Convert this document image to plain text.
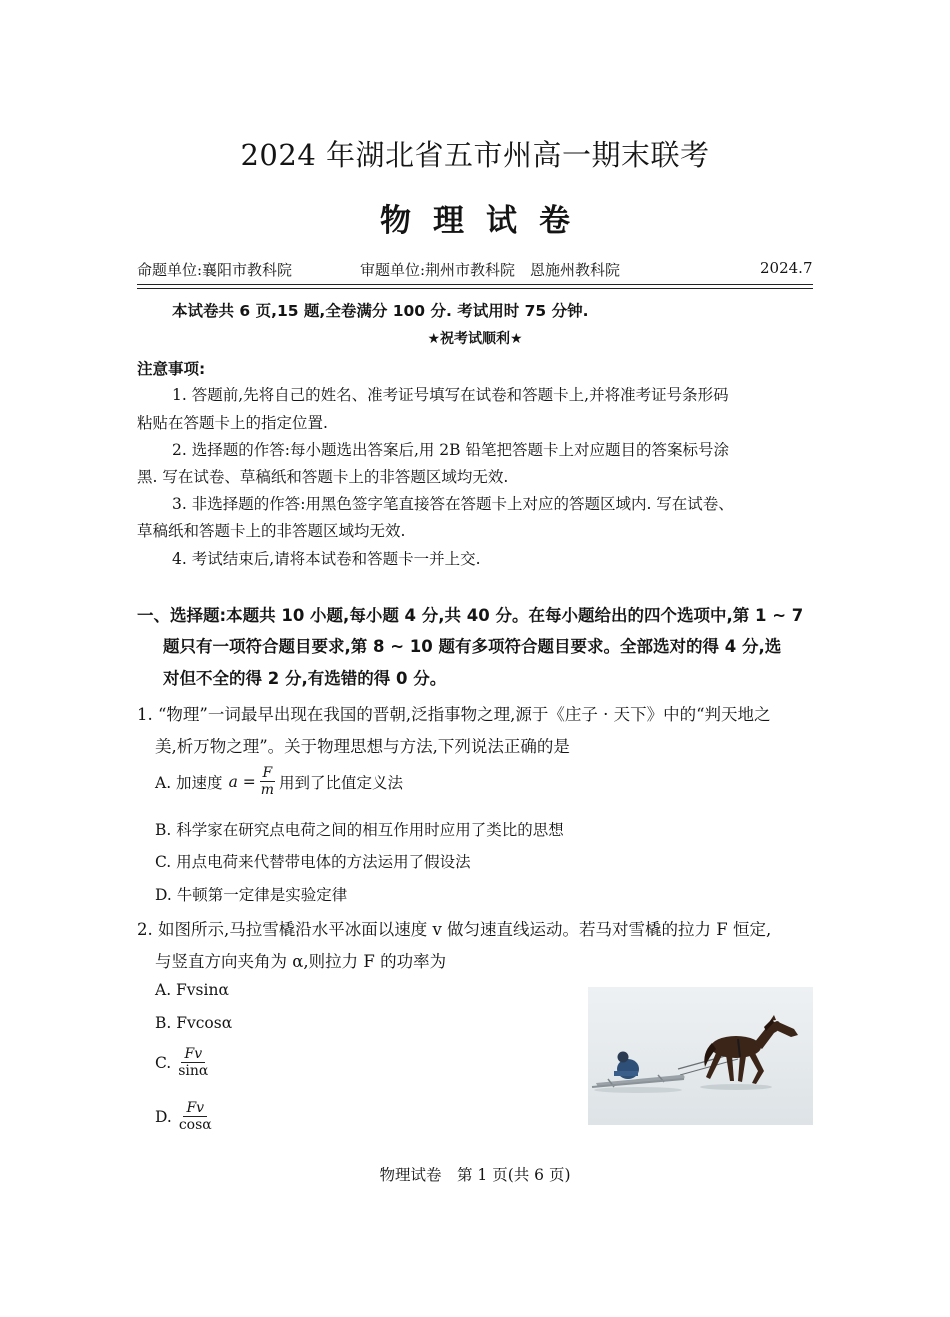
2024 年湖北省五市州高一期末联考
物理试卷
命题单位:襄阳市教科院	审题单位:荆州市教科院　恩施州教科院	2024.7
本试卷共 6 页,15 题,全卷满分 100 分. 考试用时 75 分钟.
★祝考试顺利★
注意事项:
1. 答题前,先将自己的姓名、准考证号填写在试卷和答题卡上,并将准考证号条形码
粘贴在答题卡上的指定位置.
2. 选择题的作答:每小题选出答案后,用 2B 铅笔把答题卡上对应题目的答案标号涂
黑. 写在试卷、草稿纸和答题卡上的非答题区域均无效.
3. 非选择题的作答:用黑色签字笔直接答在答题卡上对应的答题区域内. 写在试卷、
草稿纸和答题卡上的非答题区域均无效.
4. 考试结束后,请将本试卷和答题卡一并上交.
一、选择题:本题共 10 小题,每小题 4 分,共 40 分。在每小题给出的四个选项中,第 1 ~ 7
题只有一项符合题目要求,第 8 ~ 10 题有多项符合题目要求。全部选对的得 4 分,选
对但不全的得 2 分,有选错的得 0 分。
1. “物理”一词最早出现在我国的晋朝,泛指事物之理,源于《庄子 · 天下》中的“判天地之
美,析万物之理”。关于物理思想与方法,下列说法正确的是
A. 加速度 $a = \frac{F}{m}$ 用到了比值定义法
B. 科学家在研究点电荷之间的相互作用时应用了类比的思想
C. 用点电荷来代替带电体的方法运用了假设法
D. 牛顿第一定律是实验定律
2. 如图所示,马拉雪橇沿水平冰面以速度 v 做匀速直线运动。若马对雪橇的拉力 F 恒定,
与竖直方向夹角为 α,则拉力 F 的功率为
A. Fvsinα
B. Fvcosα
C. $\frac{Fv}{\sin\alpha}$
D. $\frac{Fv}{\cos\alpha}$
物理试卷　第 1 页(共 6 页)
